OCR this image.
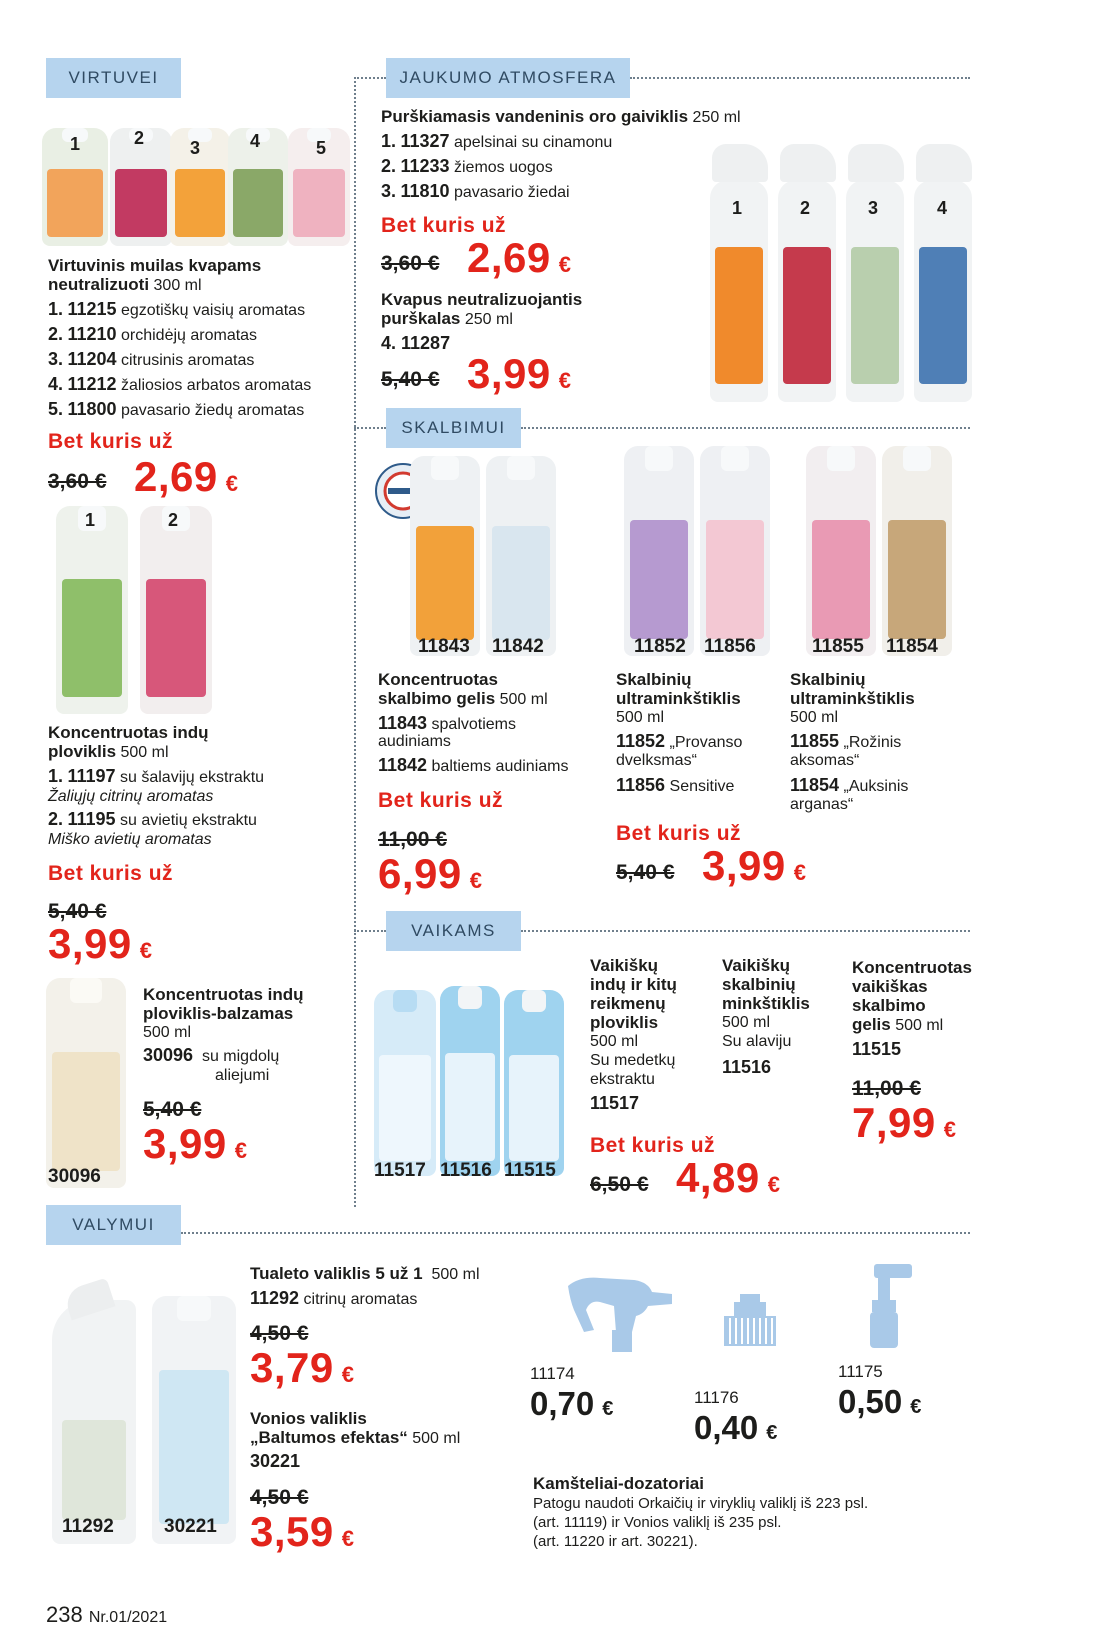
VIRTUVEI	JAUKUMO ATMOSFERA
SKALBIMUI
VAIKAMS
VALYMUI
1	2	3	4	5
Virtuvinis muilas kvapams
neutralizuoti 300 ml
1. 11215 egzotiškų vaisių aromatas
2. 11210 orchidėjų aromatas
3. 11204 citrusinis aromatas
4. 11212 žaliosios arbatos aromatas
5. 11800 pavasario žiedų aromatas
Bet kuris už
3,60 € 2,69 €
1	2
Koncentruotas indų
ploviklis 500 ml
1. 11197 su šalavijų ekstraktu
Žaliųjų citrinų aromatas
2. 11195 su avietių ekstraktu
Miško avietių aromatas
Bet kuris už
5,40 €
3,99 €
30096
Koncentruotas indų
ploviklis-balzamas
500 ml
30096 su migdolų
aliejumi
5,40 €
3,99 €
Purškiamasis vandeninis oro gaiviklis 250 ml
1. 11327 apelsinai su cinamonu
2. 11233 žiemos uogos
3. 11810 pavasario žiedai
Bet kuris už
3,60 € 2,69 €
Kvapus neutralizuojantis
purškalas 250 ml
4. 11287
5,40 € 3,99 €
1	2	3	4
11843 11842	11852 11856	11855 11854
Koncentruotas
skalbimo gelis 500 ml
11843 spalvotiems
audiniams
11842 baltiems audiniams
Bet kuris už
11,00 €
6,99 €
Skalbinių
ultraminkštiklis
500 ml
11852 „Provanso
dvelksmas“
11856 Sensitive
Skalbinių
ultraminkštiklis
500 ml
11855 „Rožinis
aksomas“
11854 „Auksinis
arganas“
Bet kuris už
5,40 € 3,99 €
11517 11516 11515
Vaikiškų
indų ir kitų
reikmenų
ploviklis
500 ml
Su medetkų
ekstraktu
11517
Vaikiškų
skalbinių
minkštiklis
500 ml
Su alaviju
11516
Koncentruotas
vaikiškas
skalbimo
gelis 500 ml
11515
11,00 €
7,99 €
Bet kuris už
6,50 € 4,89 €
11292	30221
Tualeto valiklis 5 už 1 500 ml
11292 citrinų aromatas
4,50 €
3,79 €
Vonios valiklis
„Baltumos efektas“ 500 ml
30221
4,50 €
3,59 €
11174
0,70 €
11176
0,40 €
11175
0,50 €
Kamšteliai-dozatoriai
Patogu naudoti Orkaičių ir viryklių valiklį iš 223 psl.
(art. 11119) ir Vonios valiklį iš 235 psl.
(art. 11220 ir art. 30221).
238 Nr.01/2021
